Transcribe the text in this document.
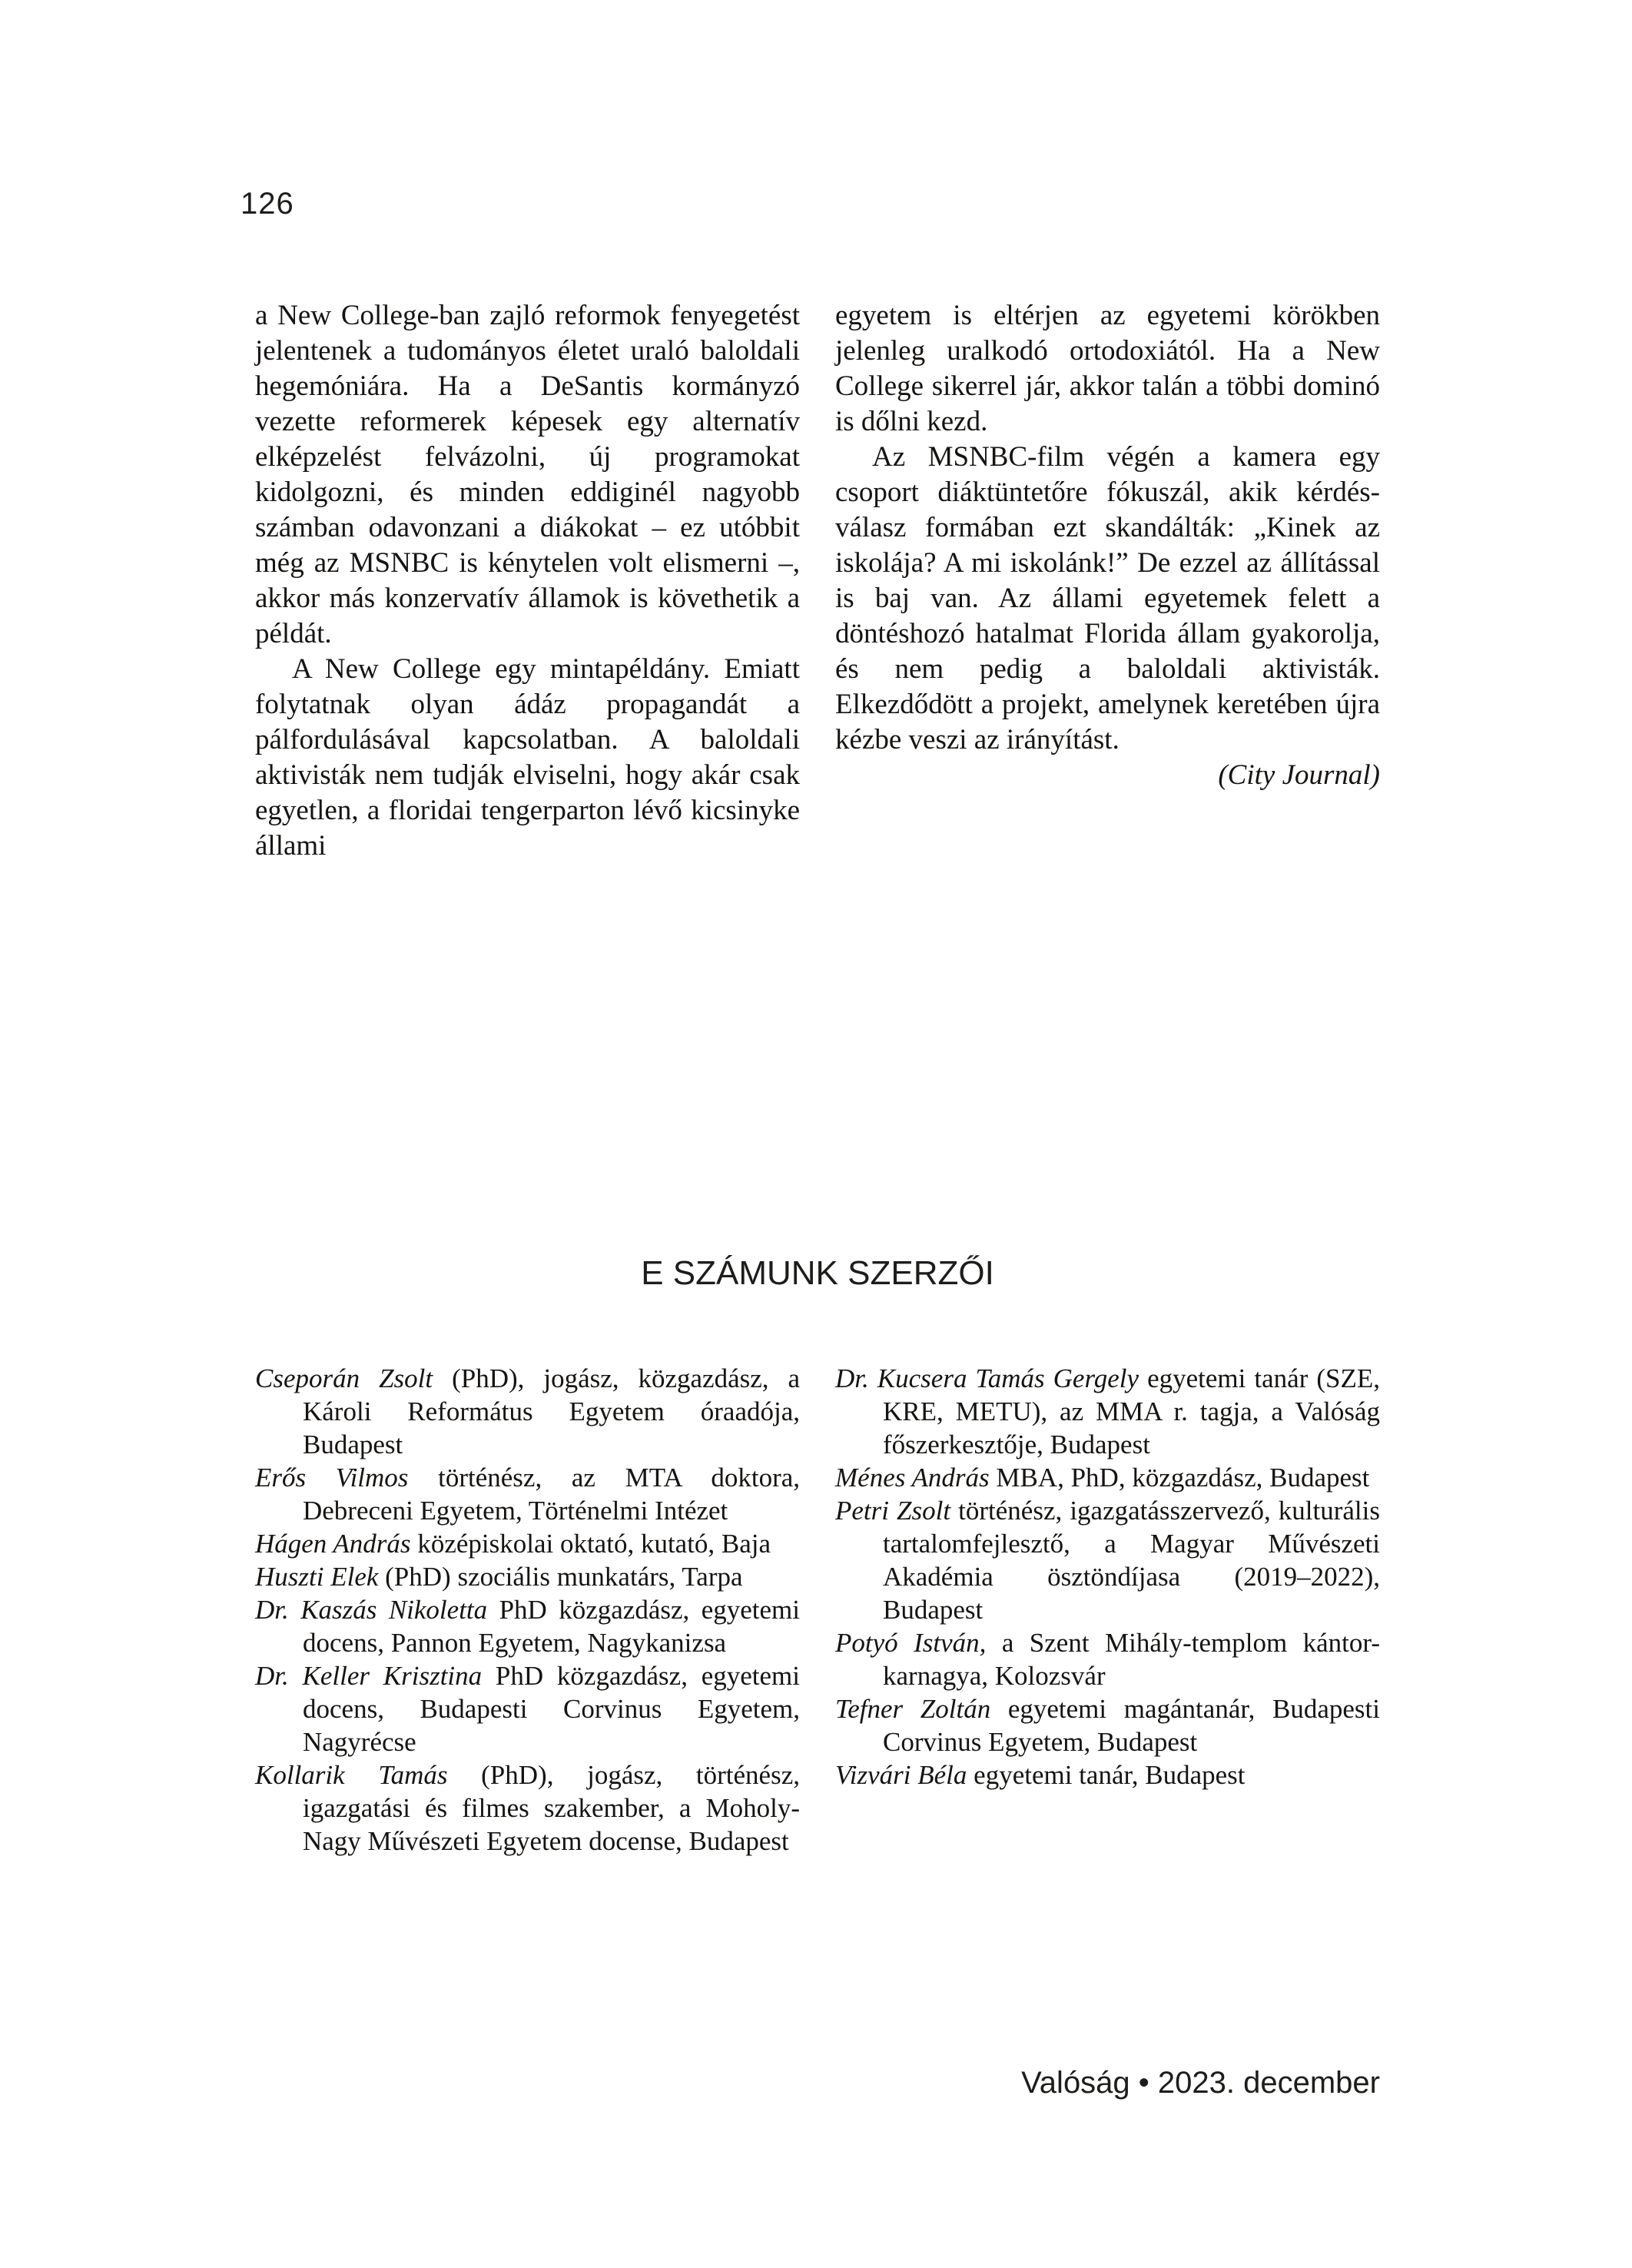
126

a New College-ban zajló reformok fenyegetést jelentenek a tudományos életet uraló baloldali hegemóniára. Ha a DeSantis kormányzó vezette reformerek képesek egy alternatív elképzelést felvázolni, új programokat kidolgozni, és minden eddiginél nagyobb számban odavonzani a diákokat – ez utóbbit még az MSNBC is kénytelen volt elismerni –, akkor más konzervatív államok is követhetik a példát.

A New College egy mintapéldány. Emiatt folytatnak olyan ádáz propagandát a pálfordulásával kapcsolatban. A baloldali aktivisták nem tudják elviselni, hogy akár csak egyetlen, a floridai tengerparton lévő kicsinyke állami

egyetem is eltérjen az egyetemi körökben jelenleg uralkodó ortodoxiától. Ha a New College sikerrel jár, akkor talán a többi dominó is dőlni kezd.

Az MSNBC-film végén a kamera egy csoport diáktüntetőre fókuszál, akik kérdés-válasz formában ezt skandálták: „Kinek az iskolája? A mi iskolánk!” De ezzel az állítással is baj van. Az állami egyetemek felett a döntéshozó hatalmat Florida állam gyakorolja, és nem pedig a baloldali aktivisták. Elkezdődött a projekt, amelynek keretében újra kézbe veszi az irányítást.

(City Journal)

E SZÁMUNK SZERZŐI

Cseporán Zsolt (PhD), jogász, közgazdász, a Károli Református Egyetem óraadója, Budapest

Erős Vilmos történész, az MTA doktora, Debreceni Egyetem, Történelmi Intézet

Hágen András középiskolai oktató, kutató, Baja

Huszti Elek (PhD) szociális munkatárs, Tarpa

Dr. Kaszás Nikoletta PhD közgazdász, egyetemi docens, Pannon Egyetem, Nagykanizsa

Dr. Keller Krisztina PhD közgazdász, egyetemi docens, Budapesti Corvinus Egyetem, Nagyrécse

Kollarik Tamás (PhD), jogász, történész, igazgatási és filmes szakember, a Moholy-Nagy Művészeti Egyetem docense, Budapest

Dr. Kucsera Tamás Gergely egyetemi tanár (SZE, KRE, METU), az MMA r. tagja, a Valóság főszerkesztője, Budapest

Ménes András MBA, PhD, közgazdász, Budapest

Petri Zsolt történész, igazgatásszervező, kulturális tartalomfejlesztő, a Magyar Művészeti Akadémia ösztöndíjasa (2019–2022), Budapest

Potyó István, a Szent Mihály-templom kántor-karnagya, Kolozsvár

Tefner Zoltán egyetemi magántanár, Budapesti Corvinus Egyetem, Budapest

Vizvári Béla egyetemi tanár, Budapest

Valóság • 2023. december
